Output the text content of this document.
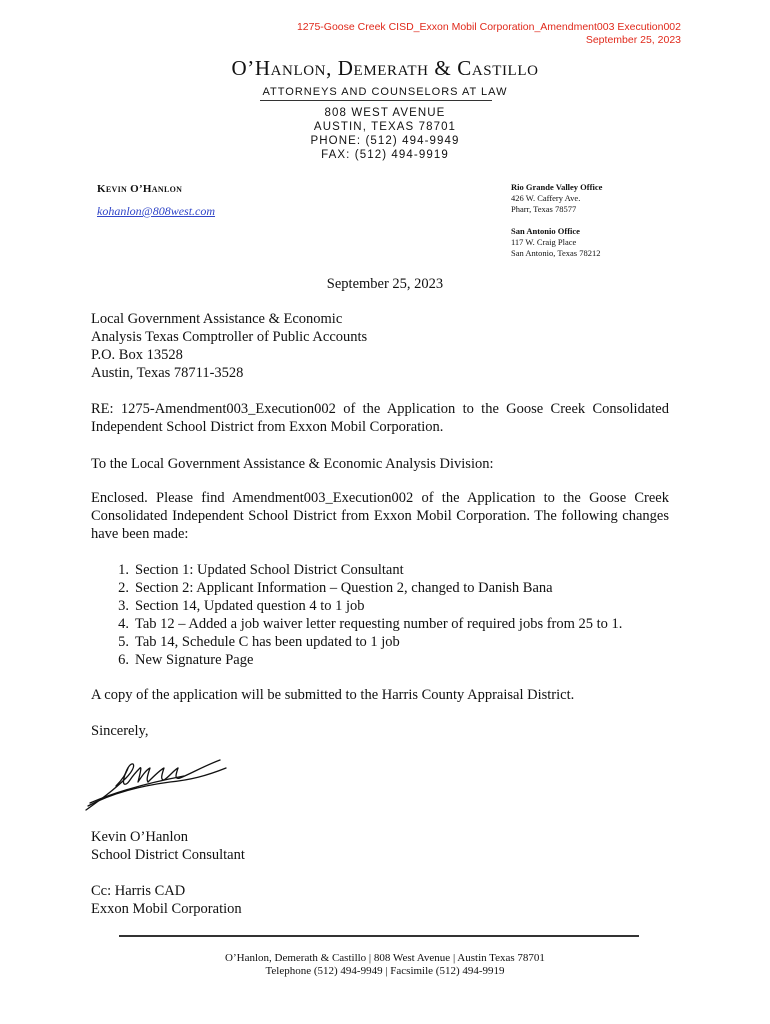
1275-Goose Creek CISD_Exxon Mobil Corporation_Amendment003 Execution002
September 25, 2023
O’Hanlon, Demerath & Castillo
ATTORNEYS AND COUNSELORS AT LAW
808 WEST AVENUE
AUSTIN, TEXAS 78701
PHONE: (512) 494-9949
FAX: (512) 494-9919
Kevin O’Hanlon
kohanlon@808west.com
Rio Grande Valley Office
426 W. Caffery Ave.
Pharr, Texas 78577
San Antonio Office
117 W. Craig Place
San Antonio, Texas 78212
September 25, 2023
Local Government Assistance & Economic
Analysis Texas Comptroller of Public Accounts
P.O. Box 13528
Austin, Texas 78711-3528
RE: 1275-Amendment003_Execution002 of the Application to the Goose Creek Consolidated Independent School District from Exxon Mobil Corporation.
To the Local Government Assistance & Economic Analysis Division:
Enclosed. Please find Amendment003_Execution002 of the Application to the Goose Creek Consolidated Independent School District from Exxon Mobil Corporation. The following changes have been made:
1. Section 1: Updated School District Consultant
2. Section 2: Applicant Information – Question 2, changed to Danish Bana
3. Section 14, Updated question 4 to 1 job
4. Tab 12 – Added a job waiver letter requesting number of required jobs from 25 to 1.
5. Tab 14, Schedule C has been updated to 1 job
6. New Signature Page
A copy of the application will be submitted to the Harris County Appraisal District.
Sincerely,
Kevin O’Hanlon
School District Consultant
Cc: Harris CAD
Exxon Mobil Corporation
O’Hanlon, Demerath & Castillo | 808 West Avenue | Austin Texas 78701
Telephone (512) 494-9949 | Facsimile (512) 494-9919
